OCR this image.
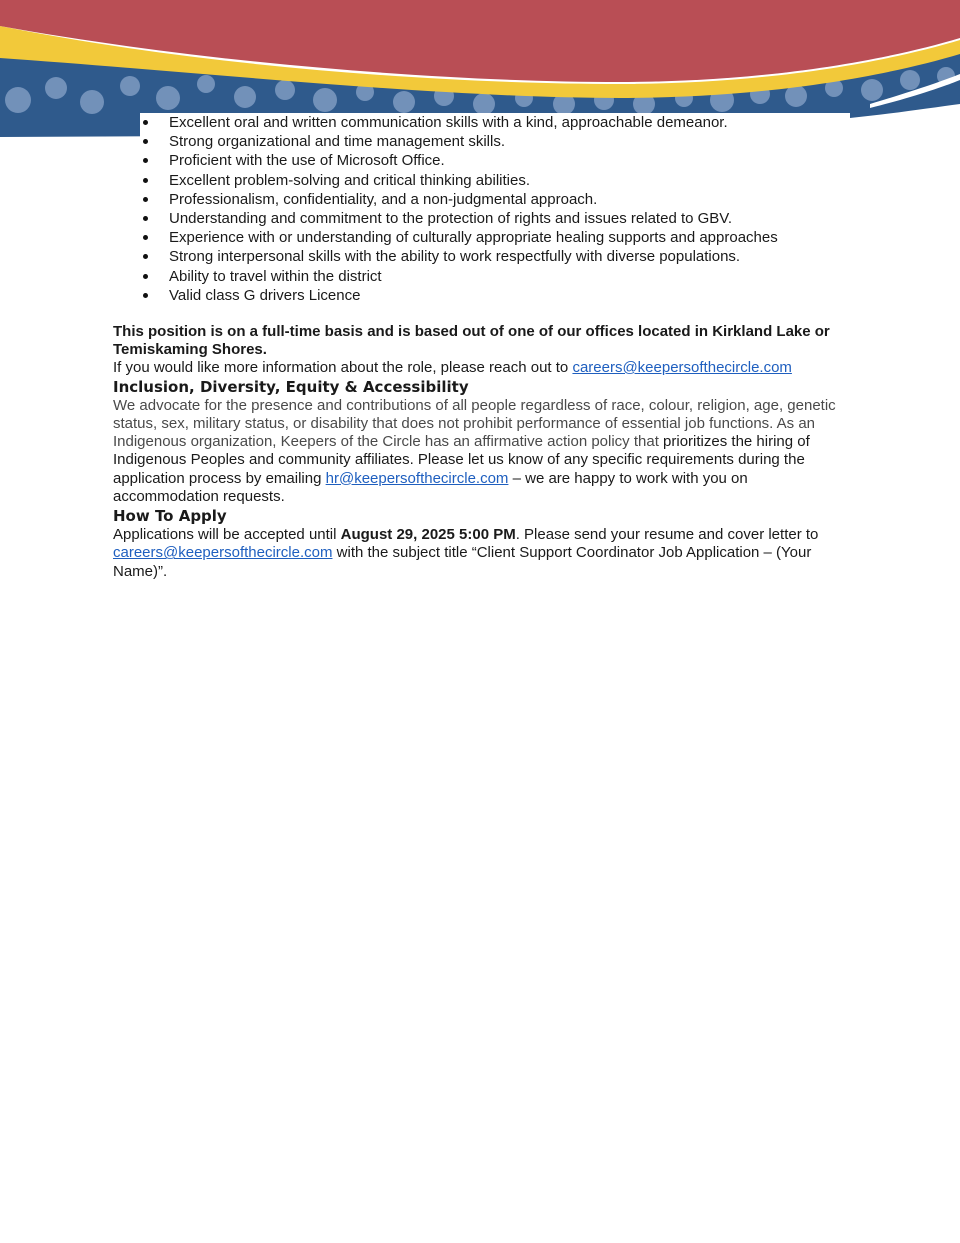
Excellent oral and written communication skills with a kind, approachable demeanor.
Strong organizational and time management skills.
Proficient with the use of Microsoft Office.
Excellent problem-solving and critical thinking abilities.
Professionalism, confidentiality, and a non-judgmental approach.
Understanding and commitment to the protection of rights and issues related to GBV.
Experience with or understanding of culturally appropriate healing supports and approaches
Strong interpersonal skills with the ability to work respectfully with diverse populations.
Ability to travel within the district
Valid class G drivers Licence
This position is on a full-time basis and is based out of one of our offices located in Kirkland Lake or Temiskaming Shores.
If you would like more information about the role, please reach out to careers@keepersofthecircle.com
Inclusion, Diversity, Equity & Accessibility
We advocate for the presence and contributions of all people regardless of race, colour, religion, age, genetic status, sex, military status, or disability that does not prohibit performance of essential job functions. As an Indigenous organization, Keepers of the Circle has an affirmative action policy that prioritizes the hiring of Indigenous Peoples and community affiliates. Please let us know of any specific requirements during the application process by emailing hr@keepersofthecircle.com – we are happy to work with you on accommodation requests.
How To Apply
Applications will be accepted until August 29, 2025 5:00 PM. Please send your resume and cover letter to careers@keepersofthecircle.com with the subject title “Client Support Coordinator Job Application – (Your Name)”.
